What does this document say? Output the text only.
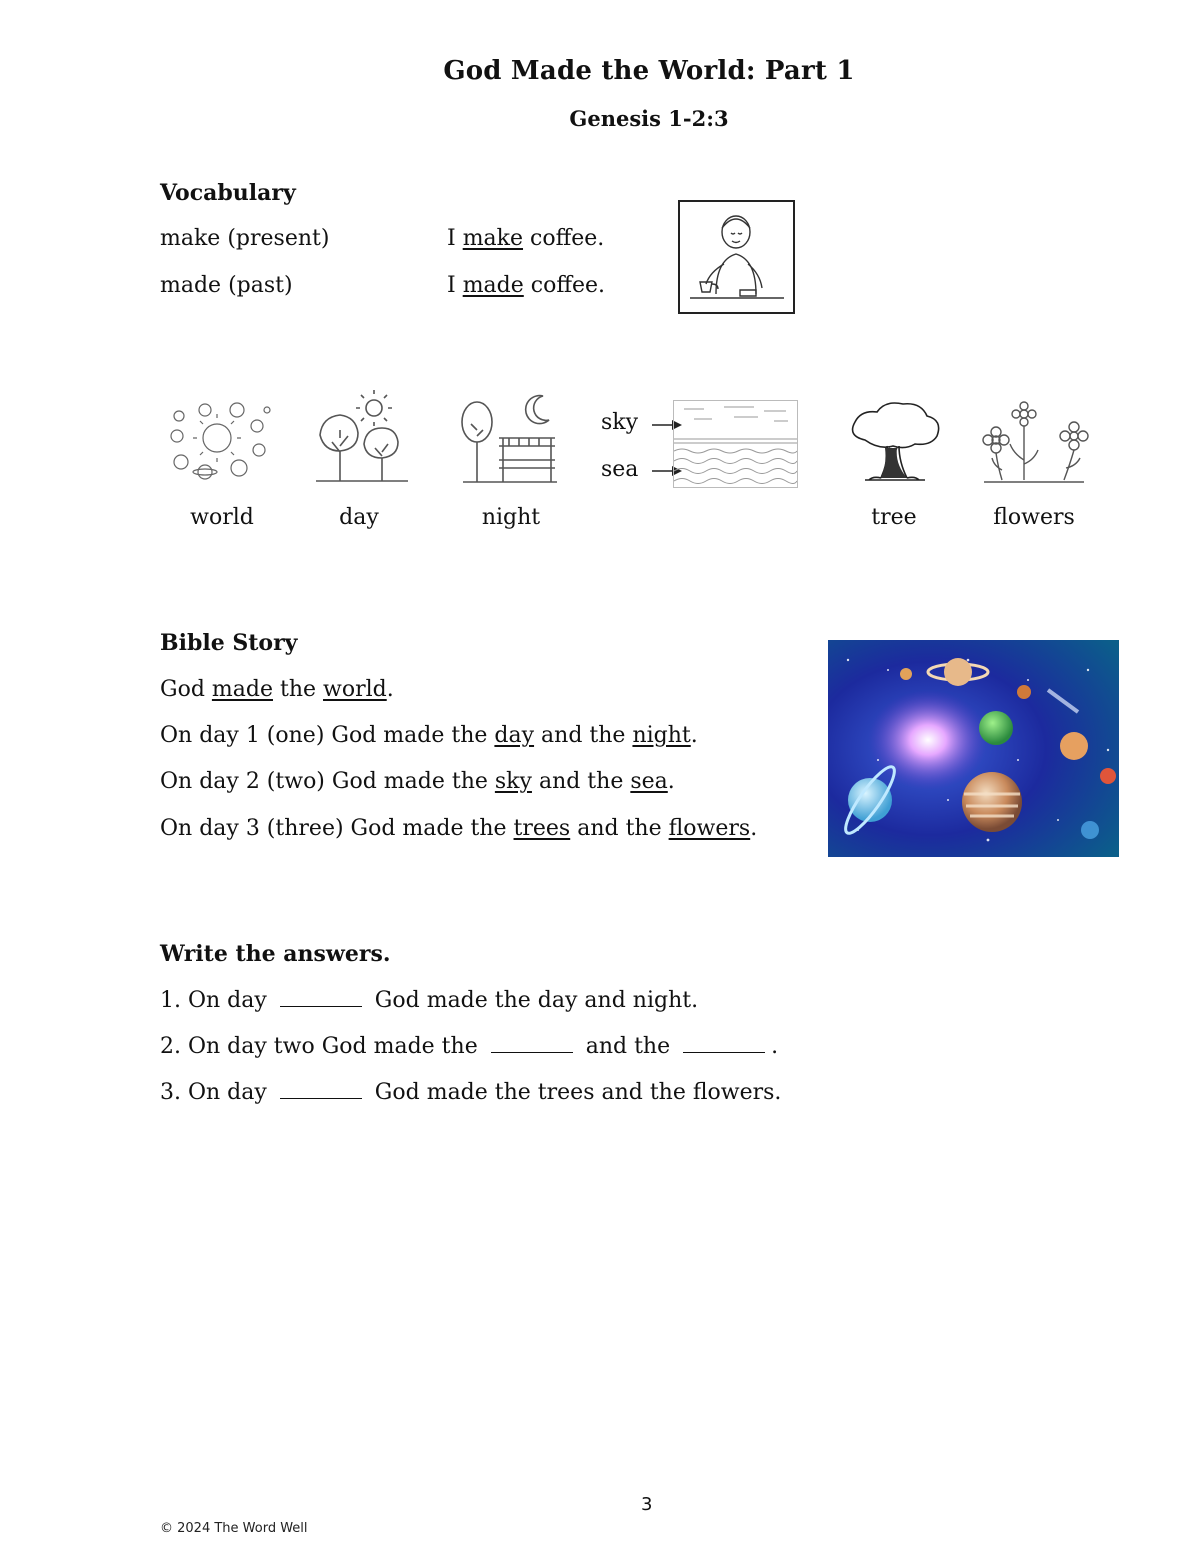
God Made the World: Part 1
Genesis 1-2:3
Vocabulary
make (present)	I make coffee.
made (past)	I made coffee.
world	day	night
sky
sea
tree	flowers
Bible Story
God made the world.
On day 1 (one) God made the day and the night.
On day 2 (two) God made the sky and the sea.
On day 3 (three) God made the trees and the flowers.
Write the answers.
1. On day	God made the day and night.
2. On day two God made the	and the	.
3. On day	God made the trees and the flowers.
3
© 2024 The Word Well
